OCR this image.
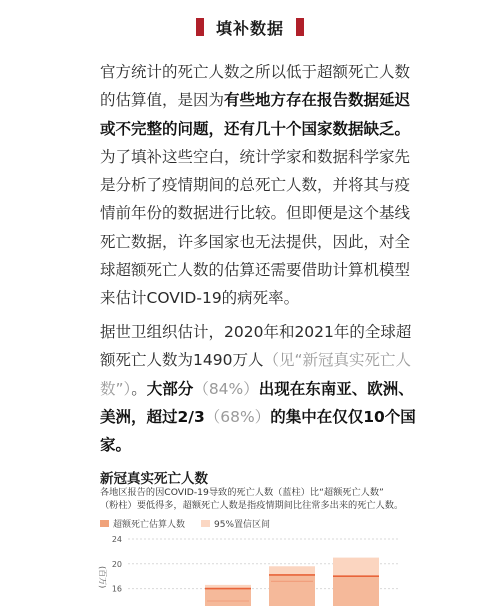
填补数据
官方统计的死亡人数之所以低于超额死亡人数
的估算值，是因为有些地方存在报告数据延迟
或不完整的问题，还有几十个国家数据缺乏。
为了填补这些空白，统计学家和数据科学家先
是分析了疫情期间的总死亡人数，并将其与疫
情前年份的数据进行比较。但即便是这个基线
死亡数据，许多国家也无法提供，因此，对全
球超额死亡人数的估算还需要借助计算机模型
来估计COVID-19的病死率。
据世卫组织估计，2020年和2021年的全球超
额死亡人数为1490万人（见“新冠真实死亡人
数”）。大部分（84%）出现在东南亚、欧洲、
美洲，超过2/3（68%）的集中在仅仅10个国
家。
新冠真实死亡人数
各地区报告的因COVID-19导致的死亡人数（蓝柱）比“超额死亡人数”
（粉柱）要低得多，超额死亡人数是指疫情期间比往常多出来的死亡人数。
超额死亡估算人数	95%置信区间
24
20
16
(百万)
